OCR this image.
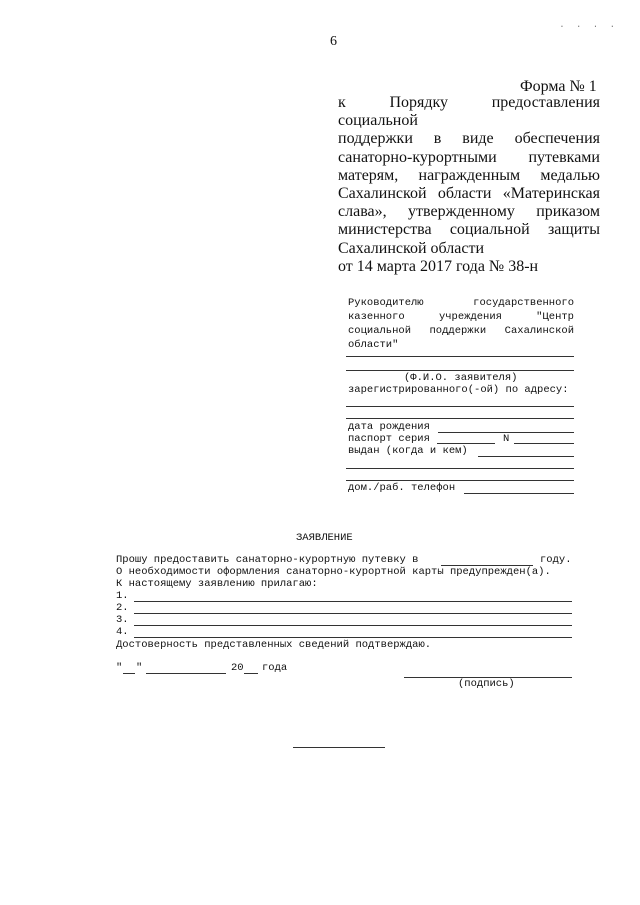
· · · ·
6
Форма № 1
к Порядку предоставления социальной
поддержки в виде обеспечения
санаторно-курортными путевками
матерям, награжденным медалью
Сахалинской области «Материнская
слава», утвержденному приказом
министерства социальной защиты
Сахалинской области
от 14 марта 2017 года № 38-н
Руководителю государственного
казенного учреждения "Центр
социальной поддержки Сахалинской
области"
(Ф.И.О. заявителя)
зарегистрированного(-ой) по адресу:
дата рождения
паспорт серия	N
выдан (когда и кем)
дом./раб. телефон
ЗАЯВЛЕНИЕ
Прошу предоставить санаторно-курортную путевку в	году.
О необходимости оформления санаторно-курортной карты предупрежден(а).
К настоящему заявлению прилагаю:
1.
2.
3.
4.
Достоверность представленных сведений подтверждаю.
" "	20 года
(подпись)
